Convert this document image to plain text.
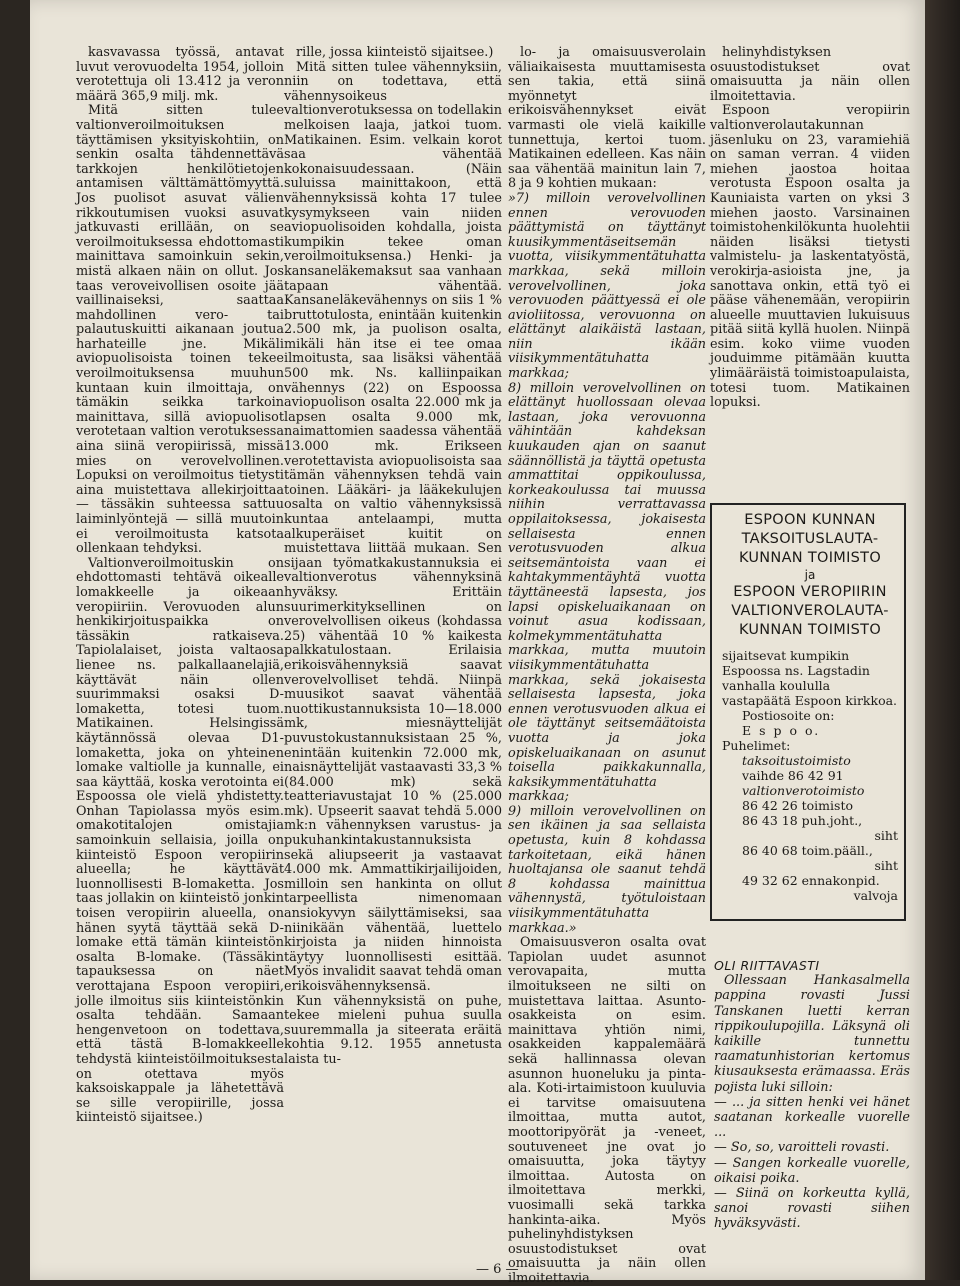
kasvavassa työssä, antavat luvut verovuodelta 1954, jolloin verotettuja oli 13.412 ja veron määrä 365,9 milj. mk.

Mitä sitten tulee valtionveroilmoituksen täyttämisen yksityiskohtiin, on senkin osalta tähdennettävä tarkkojen henkilötietojen antamisen välttämättömyyttä. Jos puolisot asuvat välien rikkoutumisen vuoksi asuvat jatkuvasti erillään, on se veroilmoituksessa ehdottomasti mainittava samoinkuin sekin, mistä alkaen näin on ollut. Jos taas veroveivollisen osoite jää vaillinaiseksi, saattaa mahdollinen vero- tai palautuskuitti aikanaan joutua harhateille jne. Mikäli aviopuolisoista toinen tekee veroilmoituksensa muuhun kuntaan kuin ilmoittaja, on tämäkin seikka tarkoin mainittava, sillä aviopuolisot verotetaan valtion verotuksessa aina siinä veropiirissä, missä mies on verovelvollinen. Lopuksi on veroilmoitus tietysti aina muistettava allekirjoittaa — tässäkin suhteessa sattuu laiminlyöntejä — sillä muutoin ei veroilmoitusta katsota ollenkaan tehdyksi.

Valtionveroilmoituskin on ehdottomasti tehtävä oikealle lomakkeelle ja oikeaan veropiiriin. Verovuoden alun henkikirjoituspaikka on tässäkin ratkaiseva. Tapiolalaiset, joista valtaosa lienee ns. palkallaanelajiä, käyttävät näin ollen suurimmaksi osaksi D-lomaketta, totesi tuom. Matikainen. Helsingissä käytännössä olevaa D1-lomaketta, joka on yhteinen lomake valtiolle ja kunnalle, ei saa käyttää, koska verotointa ei Espoossa ole vielä yhdistetty. Onhan Tapiolassa myös esim. omakotitalojen omistajia samoinkuin sellaisia, joilla on kiinteistö Espoon veropiirin alueella; he käyttävät luonnollisesti B-lomaketta. Jos taas jollakin on kiinteistö jonkin toisen veropiirin alueella, on hänen syytä täyttää sekä D-lomake että tämän kiinteistön osalta B-lomake. (Tässäkin tapauksessa on näet verottajana Espoon veropiiri, jolle ilmoitus siis kiinteistönkin osalta tehdään. Samaan hengenvetoon on todettava, että tästä B-lomakkeelle tehdystä kiinteistöilmoituksesta on otettava myös kaksoiskappale ja lähetettävä se sille veropiirille, jossa kiinteistö sijaitsee.)

rille, jossa kiinteistö sijaitsee.)

Mitä sitten tulee vähennyksiin, niin on todettava, että vähennysoikeus valtionverotuksessa on todellakin melkoisen laaja, jatkoi tuom. Matikainen. Esim. velkain korot saa vähentää kokonaisuudessaan. (Näin suluissa mainittakoon, että vähennyksissä kohta 17 tulee kysymykseen vain niiden aviopuolisoiden kohdalla, joista kumpikin tekee oman veroilmoituksensa.) Henki- ja kansaneläkemaksut saa vanhaan tapaan vähentää. Kansaneläkevähennys on siis 1 % bruttotulosta, enintään kuitenkin 2.500 mk, ja puolison osalta, mikäli hän itse ei tee omaa ilmoitusta, saa lisäksi vähentää 500 mk. Ns. kalliinpaikan vähennys (22) on Espoossa aviopuolison osalta 22.000 mk ja lapsen osalta 9.000 mk, naimattomien saadessa vähentää 13.000 mk. Erikseen verotettavista aviopuolisoista saa tämän vähennyksen tehdä vain toinen. Lääkäri- ja lääkekulujen osalta on valtio vähennyksissä kuntaa antelaampi, mutta alkuperäiset kuitit on muistettava liittää mukaan. Sen sijaan työmatkakustannuksia ei valtionverotus vähennyksinä hyväksy. Erittäin suurimerkityksellinen on verovelvollisen oikeus (kohdassa 25) vähentää 10 % kaikesta palkkatulostaan. Erilaisia erikoisvähennyksiä saavat verovelvolliset tehdä. Niinpä muusikot saavat vähentää nuottikustannuksista 10—18.000 mk, miesnäyttelijät puvustokustannuksistaan 25 %, enintään kuitenkin 72.000 mk, naisnäyttelijät vastaavasti 33,3 % (84.000 mk) sekä teatteriavustajat 10 % (25.000 mk). Upseerit saavat tehdä 5.000 mk:n vähennyksen varustus- ja pukuhankintakustannuksista sekä aliupseerit ja vastaavat 4.000 mk. Ammattikirjailijoiden, milloin sen hankinta on ollut tarpeellista nimenomaan ansiokyvyn säilyttämiseksi, saa niinikään vähentää, luettelo kirjoista ja niiden hinnoista täytyy luonnollisesti esittää. Myös invalidit saavat tehdä oman erikoisvähennyksensä.

Kun vähennyksistä on puhe, tekee mieleni puhua suulla suuremmalla ja siteerata eräitä kohtia 9.12. 1955 annetusta laista tu-

lo- ja omaisuusverolain väliaikaisesta muuttamisesta sen takia, että siinä myönnetyt erikoisvähennykset eivät varmasti ole vielä kaikille tunnettuja, kertoi tuom. Matikainen edelleen. Kas näin saa vähentää mainitun lain 7, 8 ja 9 kohtien mukaan:

»7) milloin verovelvollinen ennen verovuoden päättymistä on täyttänyt kuusikymmentäseitsemän vuotta, viisikymmentätuhatta markkaa, sekä milloin verovelvollinen, joka verovuoden päättyessä ei ole avioliitossa, verovuonna on elättänyt alaikäistä lastaan, niin ikään viisikymmentätuhatta markkaa;

8) milloin verovelvollinen on elättänyt huollossaan olevaa lastaan, joka verovuonna vähintään kahdeksan kuukauden ajan on saanut säännöllistä ja täyttä opetusta ammattitai oppikoulussa, korkeakoulussa tai muussa niihin verrattavassa oppilaitoksessa, jokaisesta sellaisesta ennen verotusvuoden alkua seitsemäntoista vaan ei kahtakymmentäyhtä vuotta täyttäneestä lapsesta, jos lapsi opiskeluaikanaan on voinut asua kodissaan, kolmekymmentätuhatta markkaa, mutta muutoin viisikymmentätuhatta markkaa, sekä jokaisesta sellaisesta lapsesta, joka ennen verotusvuoden alkua ei ole täyttänyt seitsemäätoista vuotta ja joka opiskeluaikanaan on asunut toisella paikkakunnalla, kaksikymmentätuhatta markkaa;

9) milloin verovelvollinen on sen ikäinen ja saa sellaista opetusta, kuin 8 kohdassa tarkoitetaan, eikä hänen huoltajansa ole saanut tehdä 8 kohdassa mainittua vähennystä, työtuloistaan viisikymmentätuhatta markkaa.»

Omaisuusveron osalta ovat Tapiolan uudet asunnot verovapaita, mutta ilmoitukseen ne silti on muistettava laittaa. Asunto-osakkeista on esim. mainittava yhtiön nimi, osakkeiden kappalemäärä sekä hallinnassa olevan asunnon huoneluku ja pinta-ala. Koti-irtaimistoon kuuluvia ei tarvitse omaisuutena ilmoittaa, mutta autot, moottoripyörät ja -veneet, soutuveneet jne ovat jo omaisuutta, joka täytyy ilmoittaa. Autosta on ilmoitettava merkki, vuosimalli sekä tarkka hankinta-aika. Myös puhelinyhdistyksen osuustodistukset ovat omaisuutta ja näin ollen ilmoitettavia.

helinyhdistyksen osuustodistukset ovat omaisuutta ja näin ollen ilmoitettavia.

Espoon veropiirin valtionverolautakunnan jäsenluku on 23, varamiehiä on saman verran. 4 viiden miehen jaostoa hoitaa verotusta Espoon osalta ja Kauniaista varten on yksi 3 miehen jaosto. Varsinainen toimistohenkilökunta huolehtii näiden lisäksi tietysti valmistelu- ja laskentatyöstä, verokirja-asioista jne, ja sanottava onkin, että työ ei pääse vähenemään, veropiirin alueelle muuttavien lukuisuus pitää siitä kyllä huolen. Niinpä esim. koko viime vuoden jouduimme pitämään kuutta ylimääräistä toimistoapulaista, totesi tuom. Matikainen lopuksi.

ESPOON KUNNAN
TAKSOITUSLAUTA-
KUNNAN TOIMISTO
ja
ESPOON VEROPIIRIN
VALTIONVEROLAUTA-
KUNNAN TOIMISTO
sijaitsevat kumpikin Espoossa ns. Lagstadin vanhalla koululla vastapäätä Espoon kirkkoa.
Postiosoite on:
E s p o o.
Puhelimet:
taksoitustoimisto
vaihde 86 42 91
valtionverotoimisto
86 42 26 toimisto
86 43 18 puh.joht.,
siht
86 40 68 toim.pääll.,
siht
49 32 62 ennakonpid.
valvoja
OLI RIITTAVASTI

Ollessaan Hankasalmella pappina rovasti Jussi Tanskanen luetti kerran rippikoulupojilla. Läksynä oli kaikille tunnettu raamatunhistorian kertomus kiusauksesta erämaassa. Eräs pojista luki silloin:

— ... ja sitten henki vei hänet saatanan korkealle vuorelle ...

— So, so, varoitteli rovasti.

— Sangen korkealle vuorelle, oikaisi poika.

— Siinä on korkeutta kyllä, sanoi rovasti siihen hyväksyvästi.

— 6 —
